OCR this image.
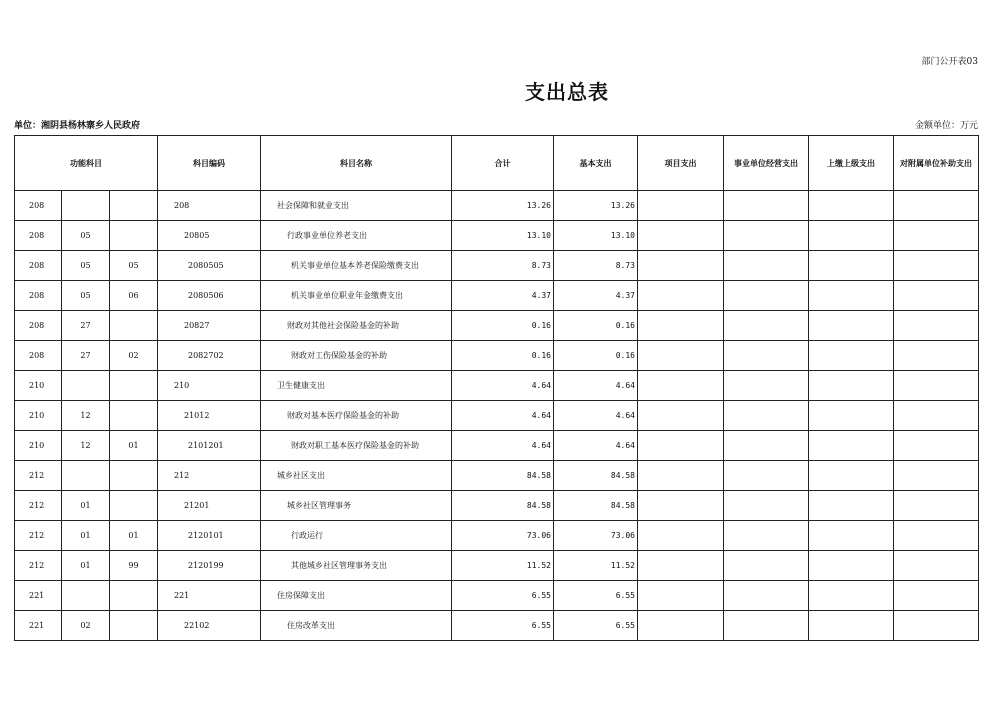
部门公开表03
支出总表
单位：湘阴县杨林寨乡人民政府	金额单位：万元
功能科目			科目编码	科目名称	合计	基本支出	项目支出	事业单位经营支出	上缴上级支出	对附属单位补助支出
208			208	社会保障和就业支出	13.26	13.26				
208	05		20805	行政事业单位养老支出	13.10	13.10				
208	05	05	2080505	机关事业单位基本养老保险缴费支出	8.73	8.73				
208	05	06	2080506	机关事业单位职业年金缴费支出	4.37	4.37				
208	27		20827	财政对其他社会保险基金的补助	0.16	0.16				
208	27	02	2082702	财政对工伤保险基金的补助	0.16	0.16				
210			210	卫生健康支出	4.64	4.64				
210	12		21012	财政对基本医疗保险基金的补助	4.64	4.64				
210	12	01	2101201	财政对职工基本医疗保险基金的补助	4.64	4.64				
212			212	城乡社区支出	84.58	84.58				
212	01		21201	城乡社区管理事务	84.58	84.58				
212	01	01	2120101	行政运行	73.06	73.06				
212	01	99	2120199	其他城乡社区管理事务支出	11.52	11.52				
221			221	住房保障支出	6.55	6.55				
221	02		22102	住房改革支出	6.55	6.55				
